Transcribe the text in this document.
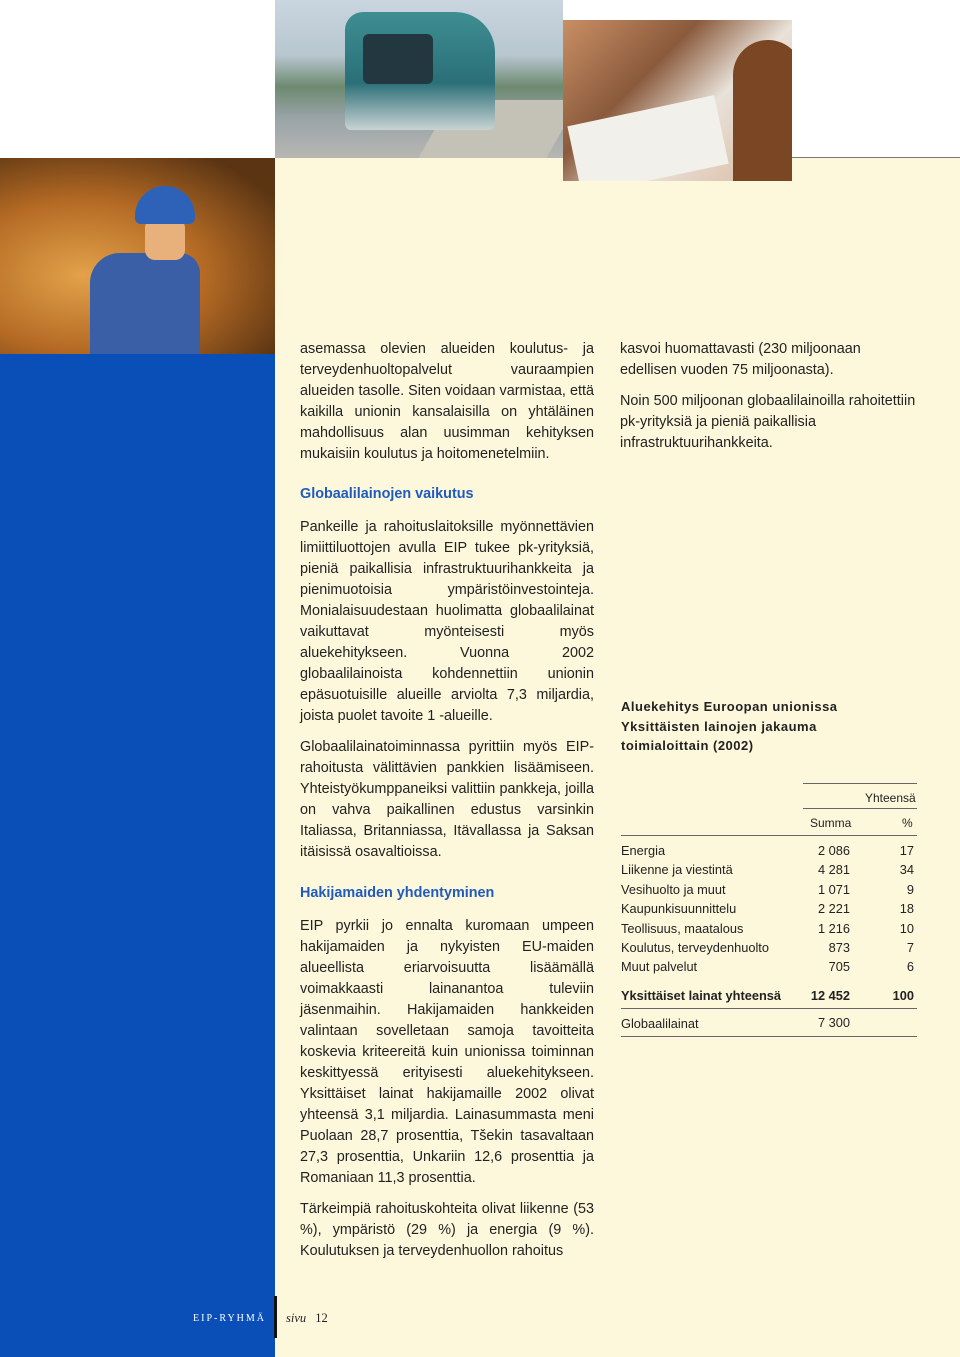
asemassa olevien alueiden koulutus- ja terveydenhuoltopalvelut vauraampien alueiden tasolle. Siten voidaan varmistaa, että kaikilla unionin kansalaisilla on yhtäläinen mahdollisuus alan uusimman kehityksen mukaisiin koulutus ja hoitomenetelmiin.

Globaalilainojen vaikutus

Pankeille ja rahoituslaitoksille myönnettävien limiittiluottojen avulla EIP tukee pk-yrityksiä, pieniä paikallisia infrastruktuurihankkeita ja pienimuotoisia ympäristöinvestointeja. Monialaisuudestaan huolimatta globaalilainat vaikuttavat myönteisesti myös aluekehitykseen. Vuonna 2002 globaalilainoista kohdennettiin unionin epäsuotuisille alueille arviolta 7,3 miljardia, joista puolet tavoite 1 -alueille.

Globaalilainatoiminnassa pyrittiin myös EIP-rahoitusta välittävien pankkien lisäämiseen. Yhteistyökumppaneiksi valittiin pankkeja, joilla on vahva paikallinen edustus varsinkin Italiassa, Britanniassa, Itävallassa ja Saksan itäisissä osavaltioissa.

Hakijamaiden yhdentyminen

EIP pyrkii jo ennalta kuromaan umpeen hakijamaiden ja nykyisten EU-maiden alueellista eriarvoisuutta lisäämällä voimakkaasti lainanantoa tuleviin jäsenmaihin. Hakijamaiden hankkeiden valintaan sovelletaan samoja tavoitteita koskevia kriteereitä kuin unionissa toiminnan keskittyessä erityisesti aluekehitykseen. Yksittäiset lainat hakijamaille 2002 olivat yhteensä 3,1 miljardia. Lainasummasta meni Puolaan 28,7 prosenttia, Tšekin tasavaltaan 27,3 prosenttia, Unkariin 12,6 prosenttia ja Romaniaan 11,3 prosenttia.

Tärkeimpiä rahoituskohteita olivat liikenne (53 %), ympäristö (29 %) ja energia (9 %). Koulutuksen ja terveydenhuollon rahoitus

kasvoi huomattavasti (230 miljoonaan edellisen vuoden 75 miljoonasta).

Noin 500 miljoonan globaalilainoilla rahoitettiin pk-yrityksiä ja pieniä paikallisia infrastruktuurihankkeita.

Aluekehitys Euroopan unionissa
Yksittäisten lainojen jakauma
toimialoittain (2002)
Yhteensä
Summa	%
Energia	2 086	17
Liikenne ja viestintä	4 281	34
Vesihuolto ja muut	1 071	9
Kaupunkisuunnittelu	2 221	18
Teollisuus, maatalous	1 216	10
Koulutus, terveydenhuolto	873	7
Muut palvelut	705	6
Yksittäiset lainat yhteensä	12 452	100
Globaalilainat	7 300
EIP-RYHMÄ sivu 12
